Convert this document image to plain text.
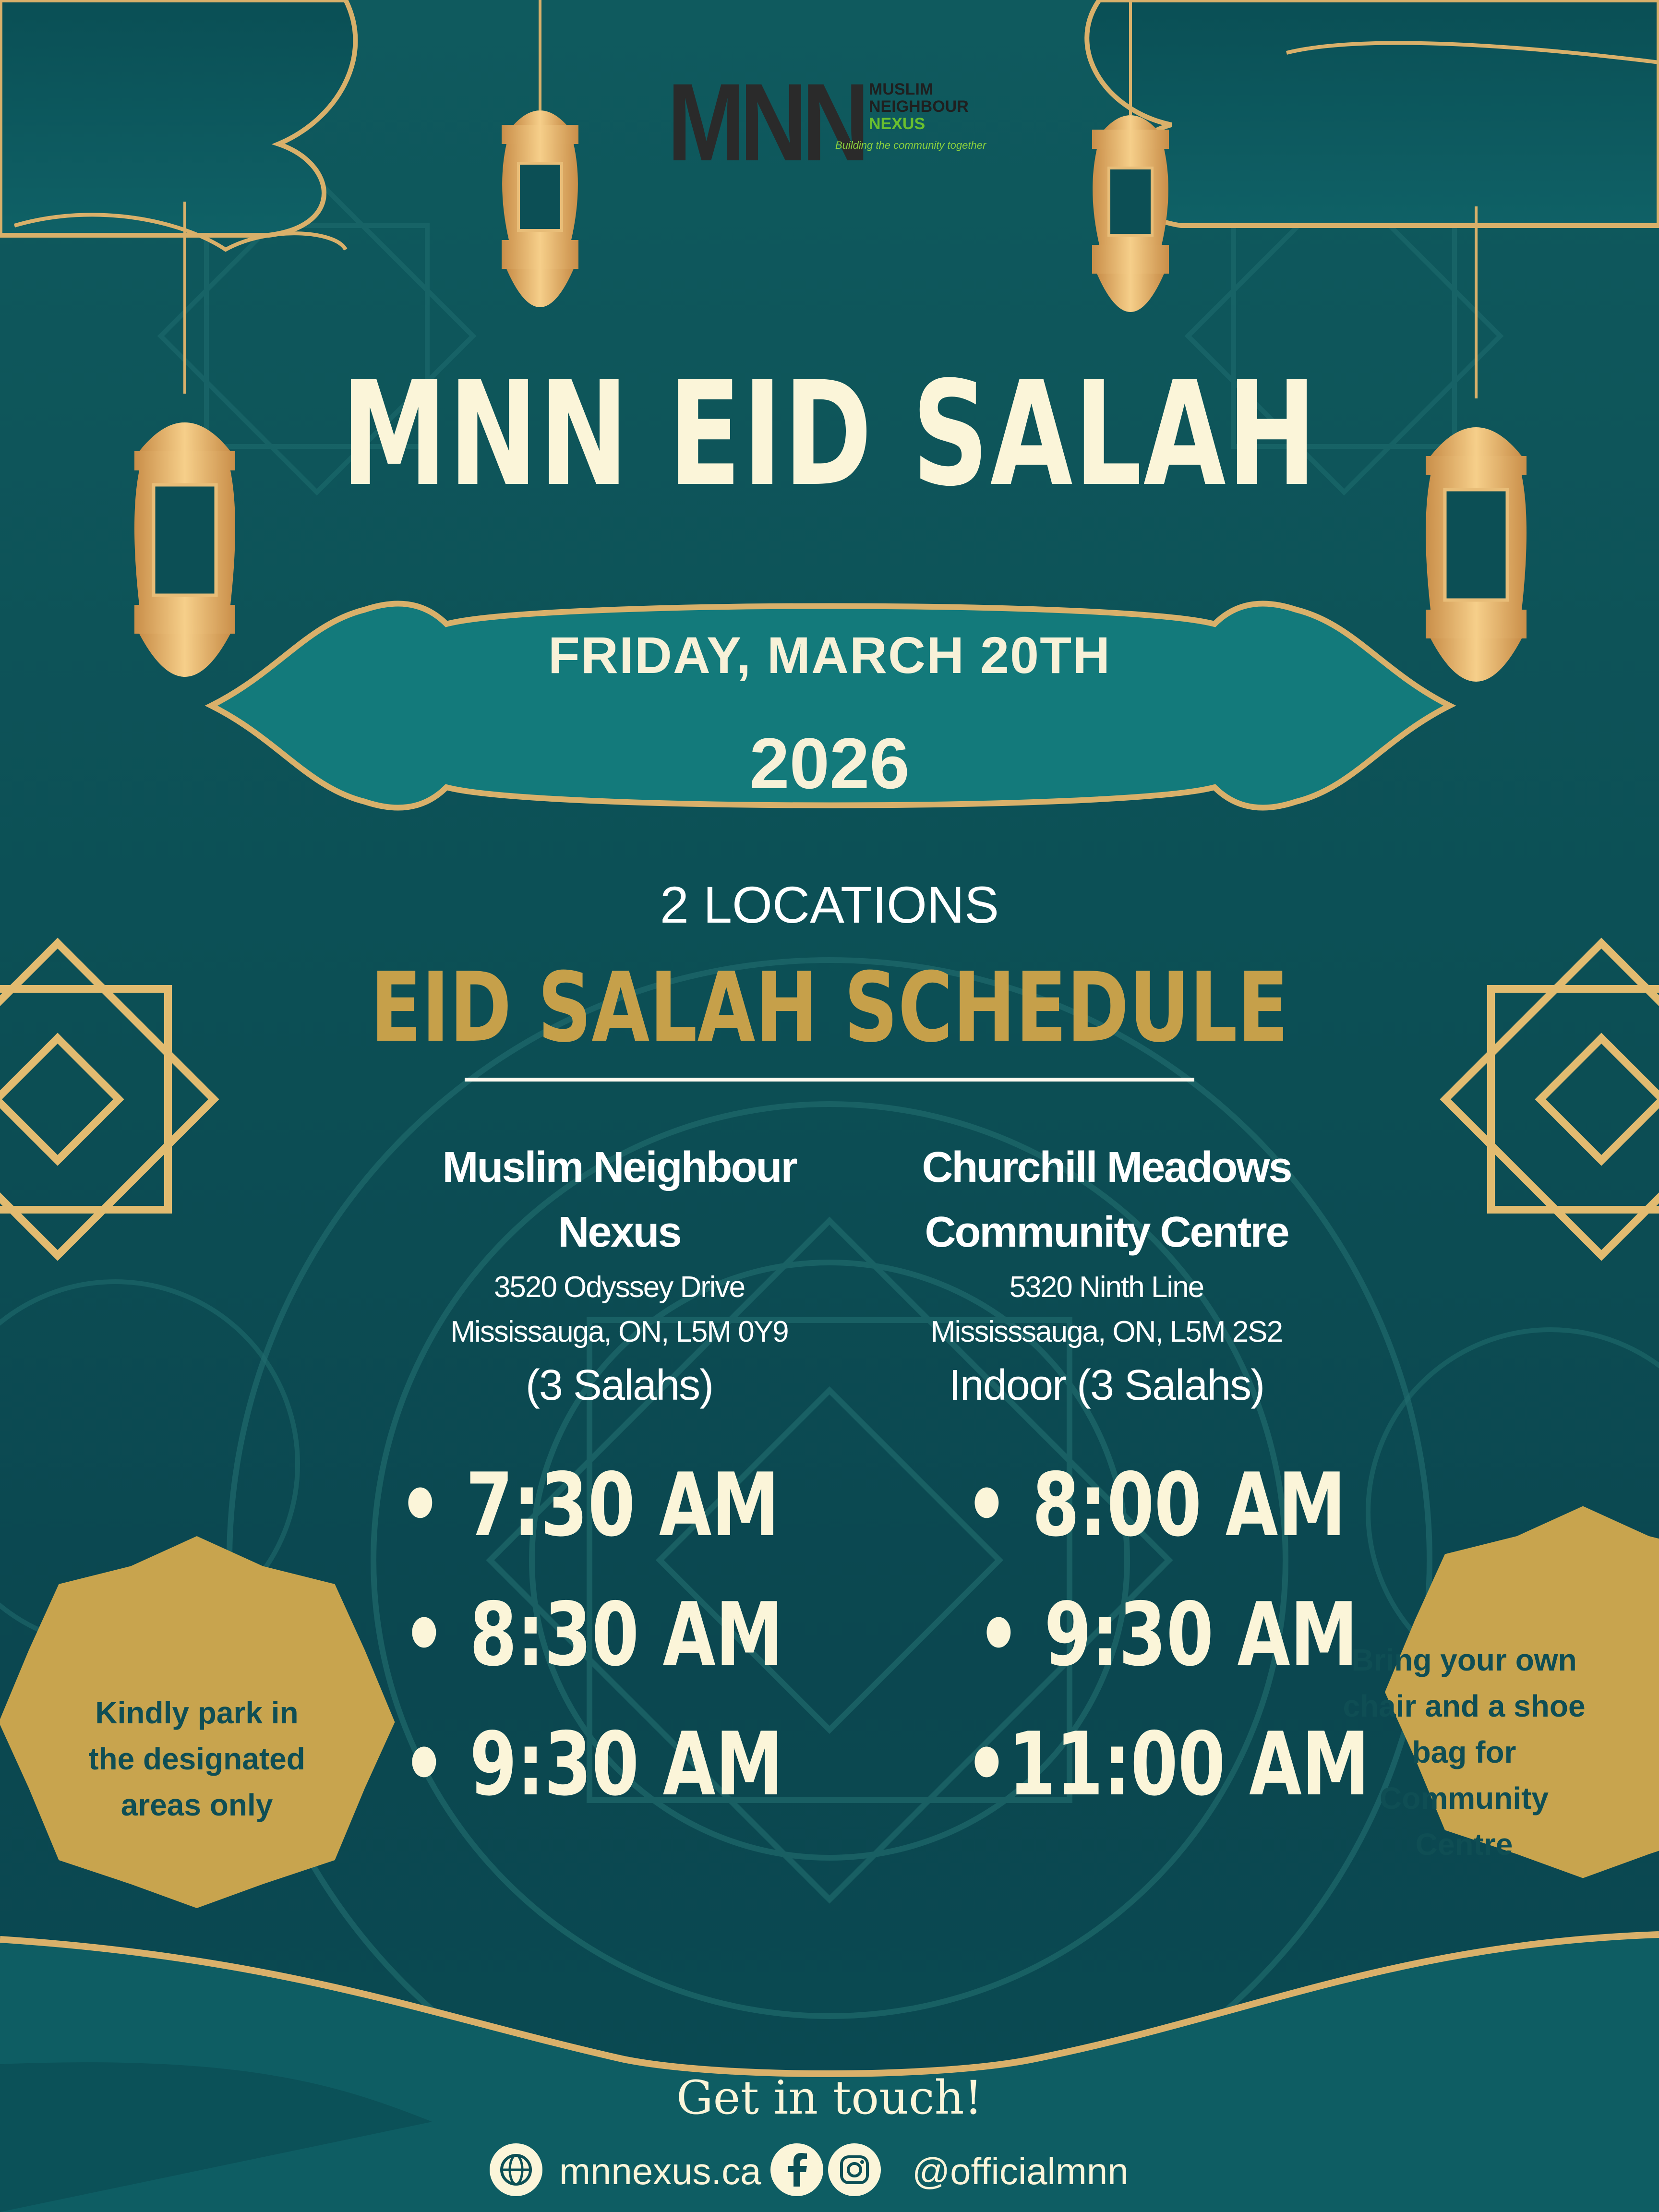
MNN MUSLIM
NEIGHBOUR
NEXUS
Building the community together
MNN EID SALAH
FRIDAY, MARCH 20TH
2026
2 LOCATIONS
EID SALAH SCHEDULE
Muslim Neighbour
Nexus
3520 Odyssey Drive
Mississauga, ON, L5M 0Y9
(3 Salahs)
Churchill Meadows
Community Centre
5320 Ninth Line
Mississsauga, ON, L5M 2S2
Indoor (3 Salahs)
• 7:30 AM
• 8:30 AM
• 9:30 AM
• 8:00 AM
• 9:30 AM
•11:00 AM
Kindly park in the designated areas only
Bring your own chair and a shoe bag for Community Centre
Get in touch!
mnnexus.ca	@officialmnn
